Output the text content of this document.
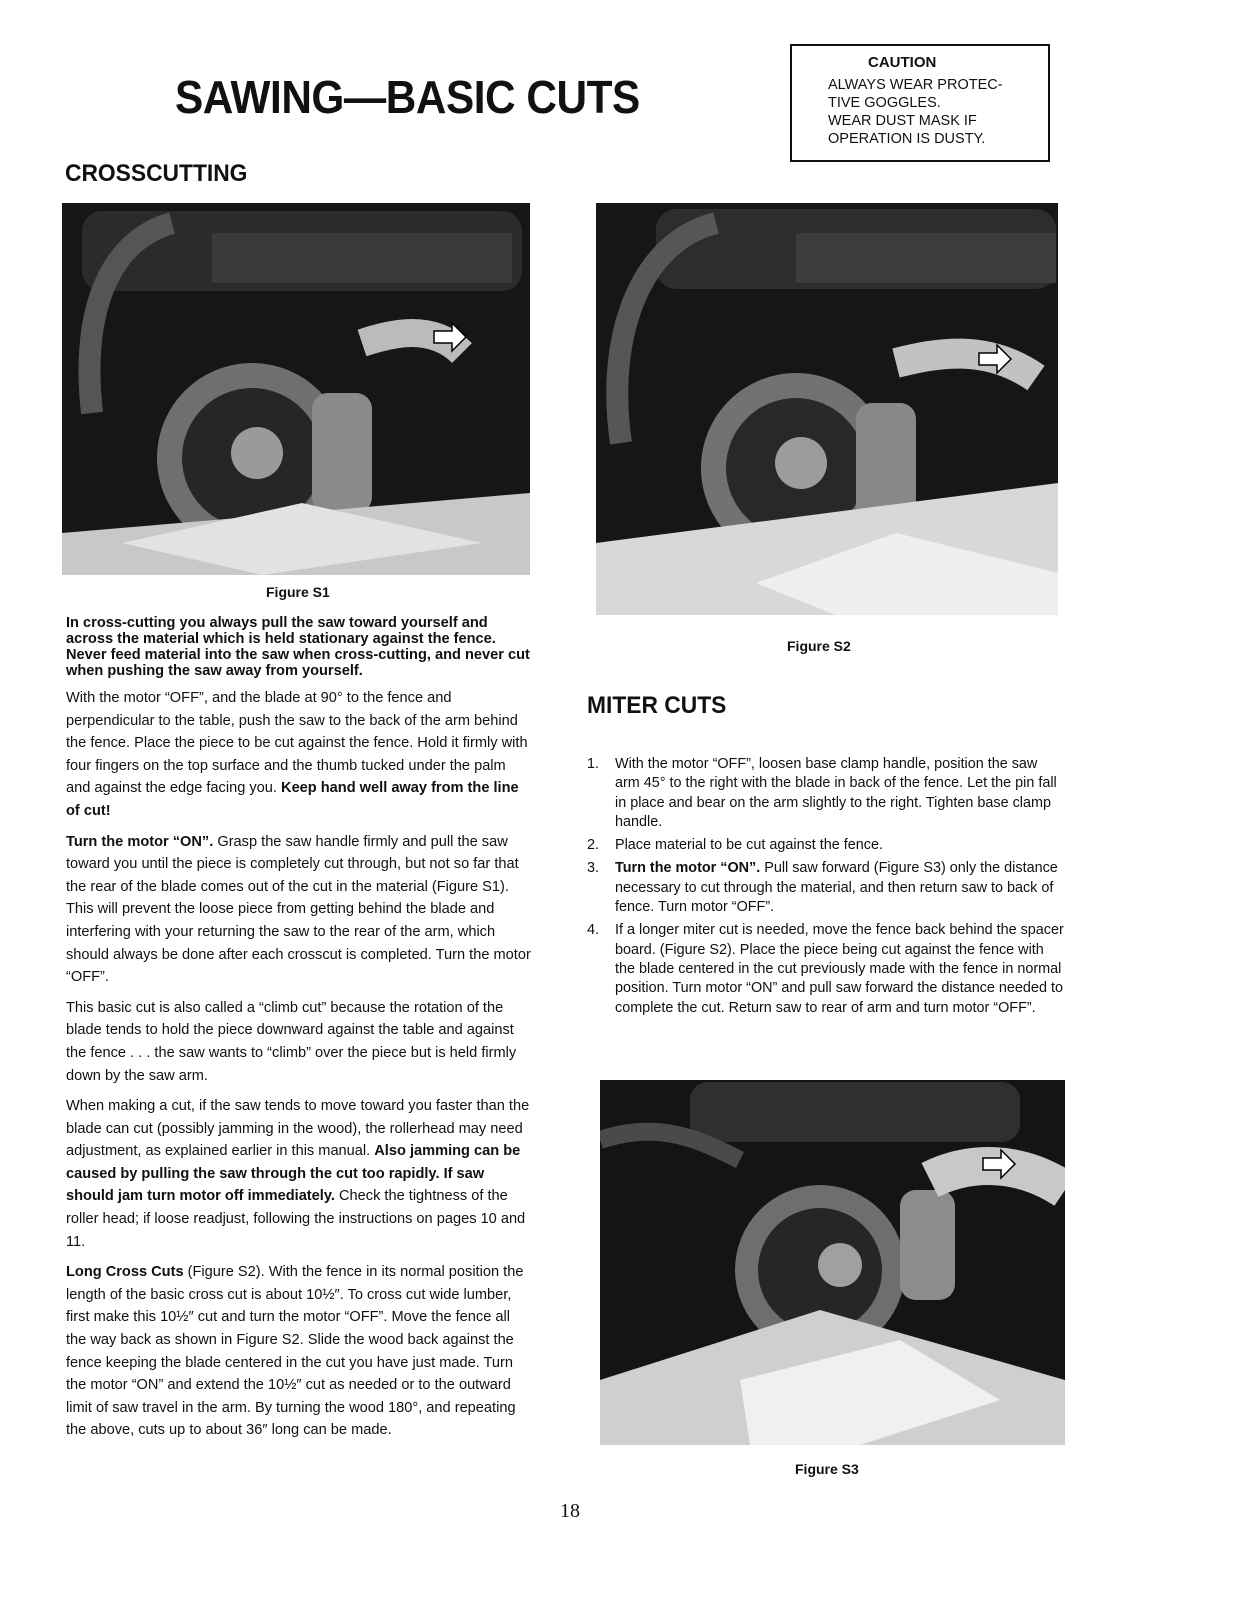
SAWING—BASIC CUTS
CAUTION
ALWAYS WEAR PROTEC-
TIVE GOGGLES.
WEAR DUST MASK IF
OPERATION IS DUSTY.
CROSSCUTTING
Figure S1
Figure S2

In cross-cutting you always pull the saw toward yourself and across the material which is held stationary against the fence. Never feed material into the saw when cross-cutting, and never cut when pushing the saw away from yourself.

With the motor “OFF”, and the blade at 90° to the fence and perpendicular to the table, push the saw to the back of the arm behind the fence. Place the piece to be cut against the fence. Hold it firmly with four fingers on the top surface and the thumb tucked under the palm and against the edge facing you. Keep hand well away from the line of cut!

Turn the motor “ON”. Grasp the saw handle firmly and pull the saw toward you until the piece is completely cut through, but not so far that the rear of the blade comes out of the cut in the material (Figure S1). This will prevent the loose piece from getting behind the blade and interfering with your returning the saw to the rear of the arm, which should always be done after each crosscut is completed. Turn the motor “OFF”.

This basic cut is also called a “climb cut” because the rotation of the blade tends to hold the piece downward against the table and against the fence . . . the saw wants to “climb” over the piece but is held firmly down by the saw arm.

When making a cut, if the saw tends to move toward you faster than the blade can cut (possibly jamming in the wood), the rollerhead may need adjustment, as explained earlier in this manual. Also jamming can be caused by pulling the saw through the cut too rapidly. If saw should jam turn motor off immediately. Check the tightness of the roller head; if loose readjust, following the instructions on pages 10 and 11.

Long Cross Cuts (Figure S2). With the fence in its normal position the length of the basic cross cut is about 10½″. To cross cut wide lumber, first make this 10½″ cut and turn the motor “OFF”. Move the fence all the way back as shown in Figure S2. Slide the wood back against the fence keeping the blade centered in the cut you have just made. Turn the motor “ON” and extend the 10½″ cut as needed or to the outward limit of saw travel in the arm. By turning the wood 180°, and repeating the above, cuts up to about 36″ long can be made.

MITER CUTS
1. With the motor “OFF”, loosen base clamp handle, position the saw arm 45° to the right with the blade in back of the fence. Let the pin fall in place and bear on the arm slightly to the right. Tighten base clamp handle.
2. Place material to be cut against the fence.
3. Turn the motor “ON”. Pull saw forward (Figure S3) only the distance necessary to cut through the material, and then return saw to back of fence. Turn motor “OFF”.
4. If a longer miter cut is needed, move the fence back behind the spacer board. (Figure S2). Place the piece being cut against the fence with the blade centered in the cut previously made with the fence in normal position. Turn motor “ON” and pull saw forward the distance needed to complete the cut. Return saw to rear of arm and turn motor “OFF”.
Figure S3
18
